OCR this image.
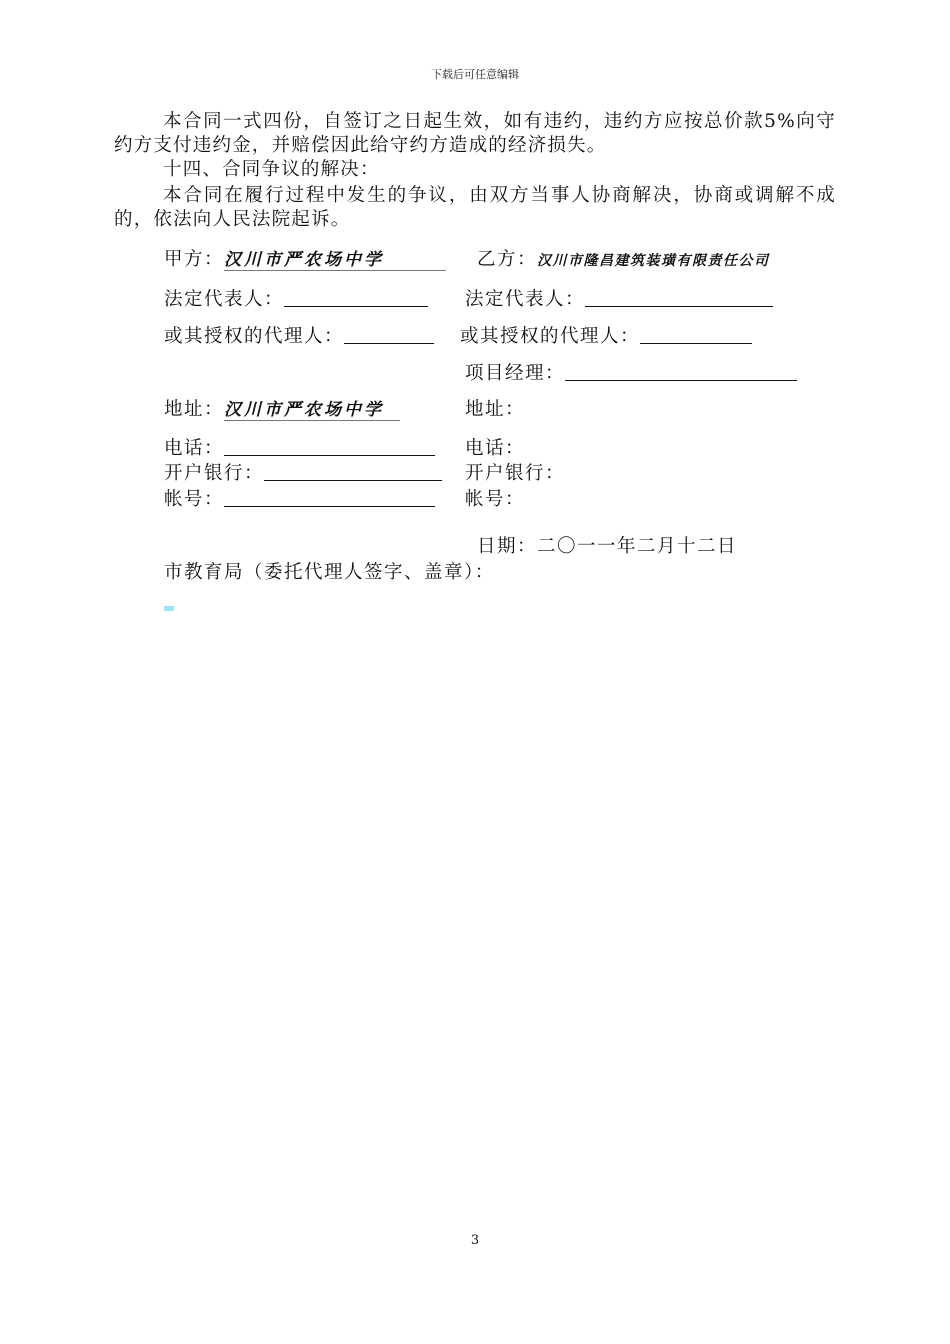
下载后可任意编辑
本合同一式四份，自签订之日起生效，如有违约，违约方应按总价款5%向守约方支付违约金，并赔偿因此给守约方造成的经济损失。
十四、合同争议的解决：
本合同在履行过程中发生的争议，由双方当事人协商解决，协商或调解不成的，依法向人民法院起诉。
甲方：汉川市严农场中学
法定代表人：
或其授权的代理人：
地址：汉川市严农场中学
电话：
开户银行：
帐号：
乙方：汉川市隆昌建筑装璜有限责任公司
法定代表人：
或其授权的代理人：
项目经理：
地址：
电话：
开户银行：
帐号：
日期：二〇一一年二月十二日
市教育局（委托代理人签字、盖章）：
3
